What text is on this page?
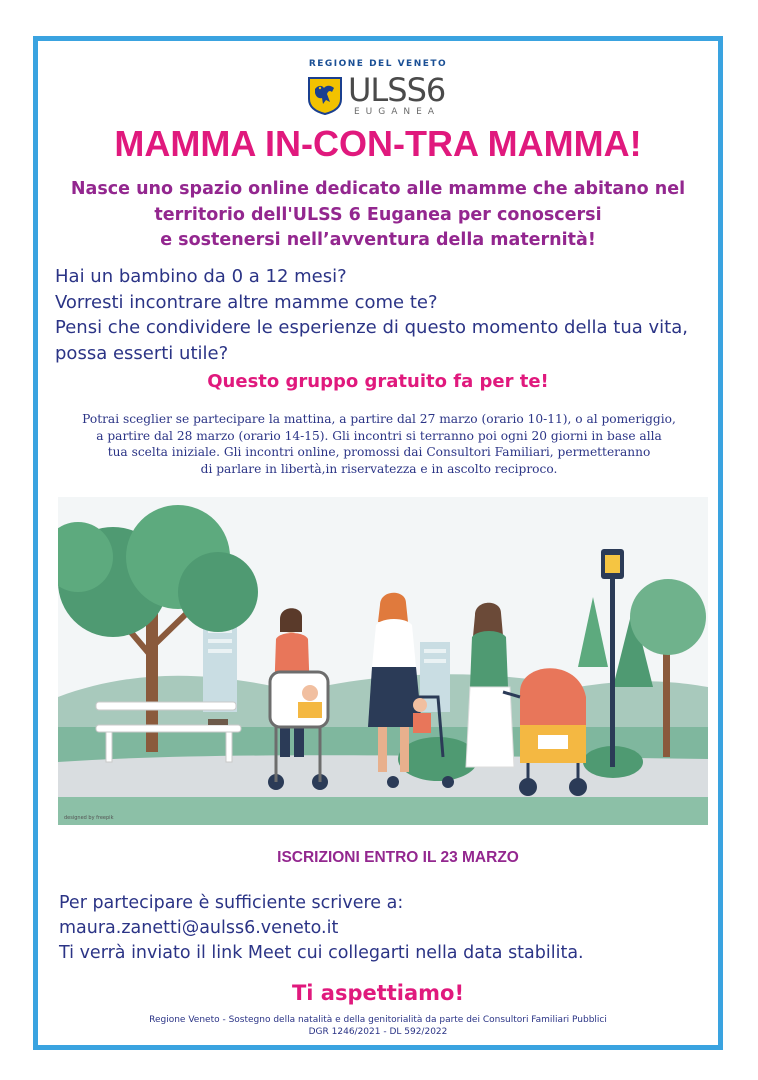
REGIONE DEL VENETO
ULSS6
EUGANEA
MAMMA IN-CON-TRA MAMMA!
Nasce uno spazio online dedicato alle mamme che abitano nel
territorio dell'ULSS 6 Euganea per conoscersi
e sostenersi nell’avventura della maternità!
Hai un bambino da 0 a 12 mesi?
Vorresti incontrare altre mamme come te?
Pensi che condividere le esperienze di questo momento della tua vita,
possa esserti utile?
Questo gruppo gratuito fa per te!
Potrai sceglier se partecipare la mattina, a partire dal 27 marzo (orario 10-11), o al pomeriggio,
a partire dal 28 marzo (orario 14-15). Gli incontri si terranno poi ogni 20 giorni in base alla
tua scelta iniziale. Gli incontri online, promossi dai Consultori Familiari, permetteranno
di parlare in libertà,in riservatezza e in ascolto reciproco.
designed by freepik
ISCRIZIONI ENTRO IL 23 MARZO
Per partecipare è sufficiente scrivere a:
maura.zanetti@aulss6.veneto.it
Ti verrà inviato il link Meet cui collegarti nella data stabilita.
Ti aspettiamo!
Regione Veneto - Sostegno della natalità e della genitorialità da parte dei Consultori Familiari Pubblici
DGR 1246/2021 - DL 592/2022
